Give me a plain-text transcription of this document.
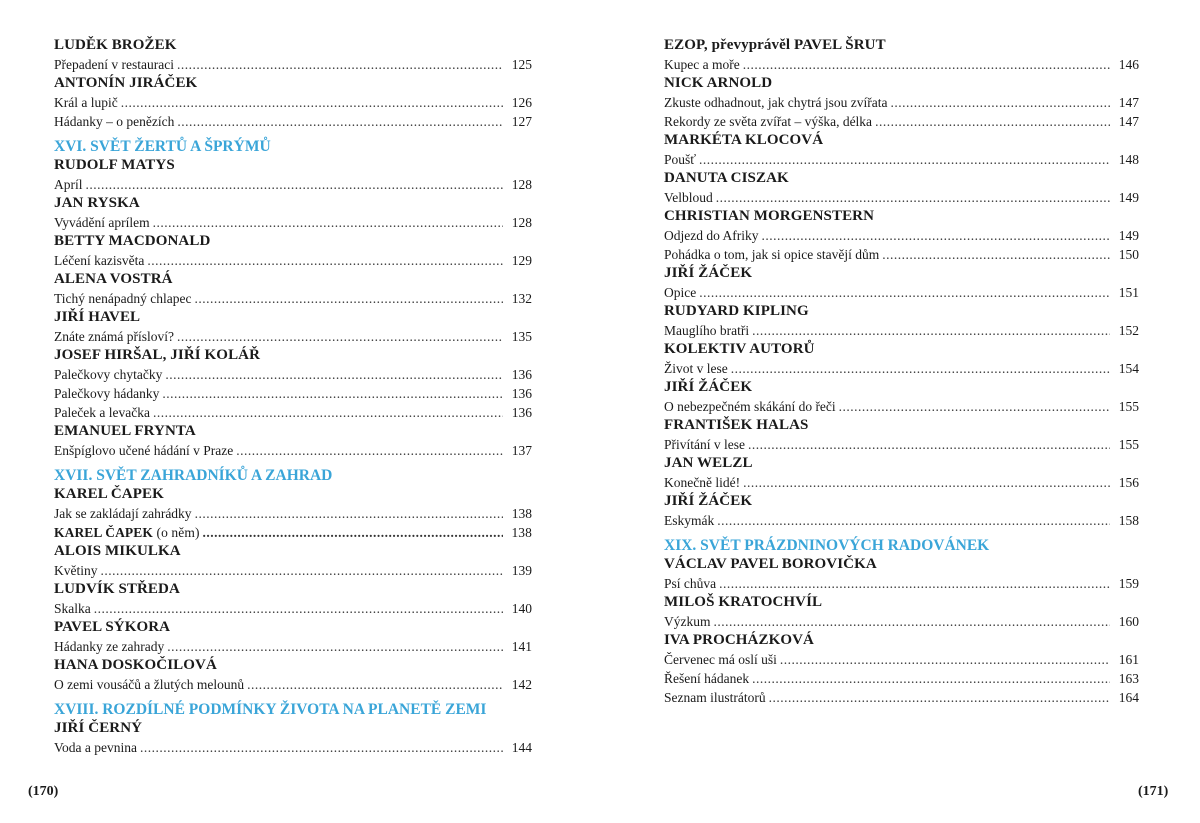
LUDĚK BROŽEK
Přepadení v restauraci .....	125
ANTONÍN JIRÁČEK
Král a lupič .....	126
Hádanky – o penězích .....	127
XVI. SVĚT ŽERTŮ A ŠPRÝMŮ
RUDOLF MATYS
Apríl .....	128
JAN RYSKA
Vyvádění aprílem .....	128
BETTY MACDONALD
Léčení kazisvěta .....	129
ALENA VOSTRÁ
Tichý nenápadný chlapec .....	132
JIŘÍ HAVEL
Znáte známá přísloví? .....	135
JOSEF HIRŠAL, JIŘÍ KOLÁŘ
Palečkovy chytačky .....	136
Palečkovy hádanky .....	136
Paleček a levačka .....	136
EMANUEL FRYNTA
Enšpíglovo učené hádání v Praze .....	137
XVII. SVĚT ZAHRADNÍKŮ A ZAHRAD
KAREL ČAPEK
Jak se zakládají zahrádky .....	138
KAREL ČAPEK (o něm) .....	138
ALOIS MIKULKA
Květiny .....	139
LUDVÍK STŘEDA
Skalka .....	140
PAVEL SÝKORA
Hádanky ze zahrady .....	141
HANA DOSKOČILOVÁ
O zemi vousáčů a žlutých melounů .....	142
XVIII. ROZDÍLNÉ PODMÍNKY ŽIVOTA NA PLANETĚ ZEMI
JIŘÍ ČERNÝ
Voda a pevnina .....	144
EZOP, převyprávěl PAVEL ŠRUT
Kupec a moře .....	146
NICK ARNOLD
Zkuste odhadnout, jak chytrá jsou zvířata .....	147
Rekordy ze světa zvířat – výška, délka .....	147
MARKÉTA KLOCOVÁ
Poušť .....	148
DANUTA CISZAK
Velbloud .....	149
CHRISTIAN MORGENSTERN
Odjezd do Afriky .....	149
Pohádka o tom, jak si opice stavějí dům .....	150
JIŘÍ ŽÁČEK
Opice .....	151
RUDYARD KIPLING
Mauglího bratři .....	152
KOLEKTIV AUTORŮ
Život v lese .....	154
JIŘÍ ŽÁČEK
O nebezpečném skákání do řeči .....	155
FRANTIŠEK HALAS
Přivítání v lese .....	155
JAN WELZL
Konečně lidé! .....	156
JIŘÍ ŽÁČEK
Eskymák .....	158
XIX. SVĚT PRÁZDNINOVÝCH RADOVÁNEK
VÁCLAV PAVEL BOROVIČKA
Psí chůva .....	159
MILOŠ KRATOCHVÍL
Výzkum .....	160
IVA PROCHÁZKOVÁ
Červenec má oslí uši .....	161
Řešení hádanek .....	163
Seznam ilustrátorů .....	164
(170)	(171)
